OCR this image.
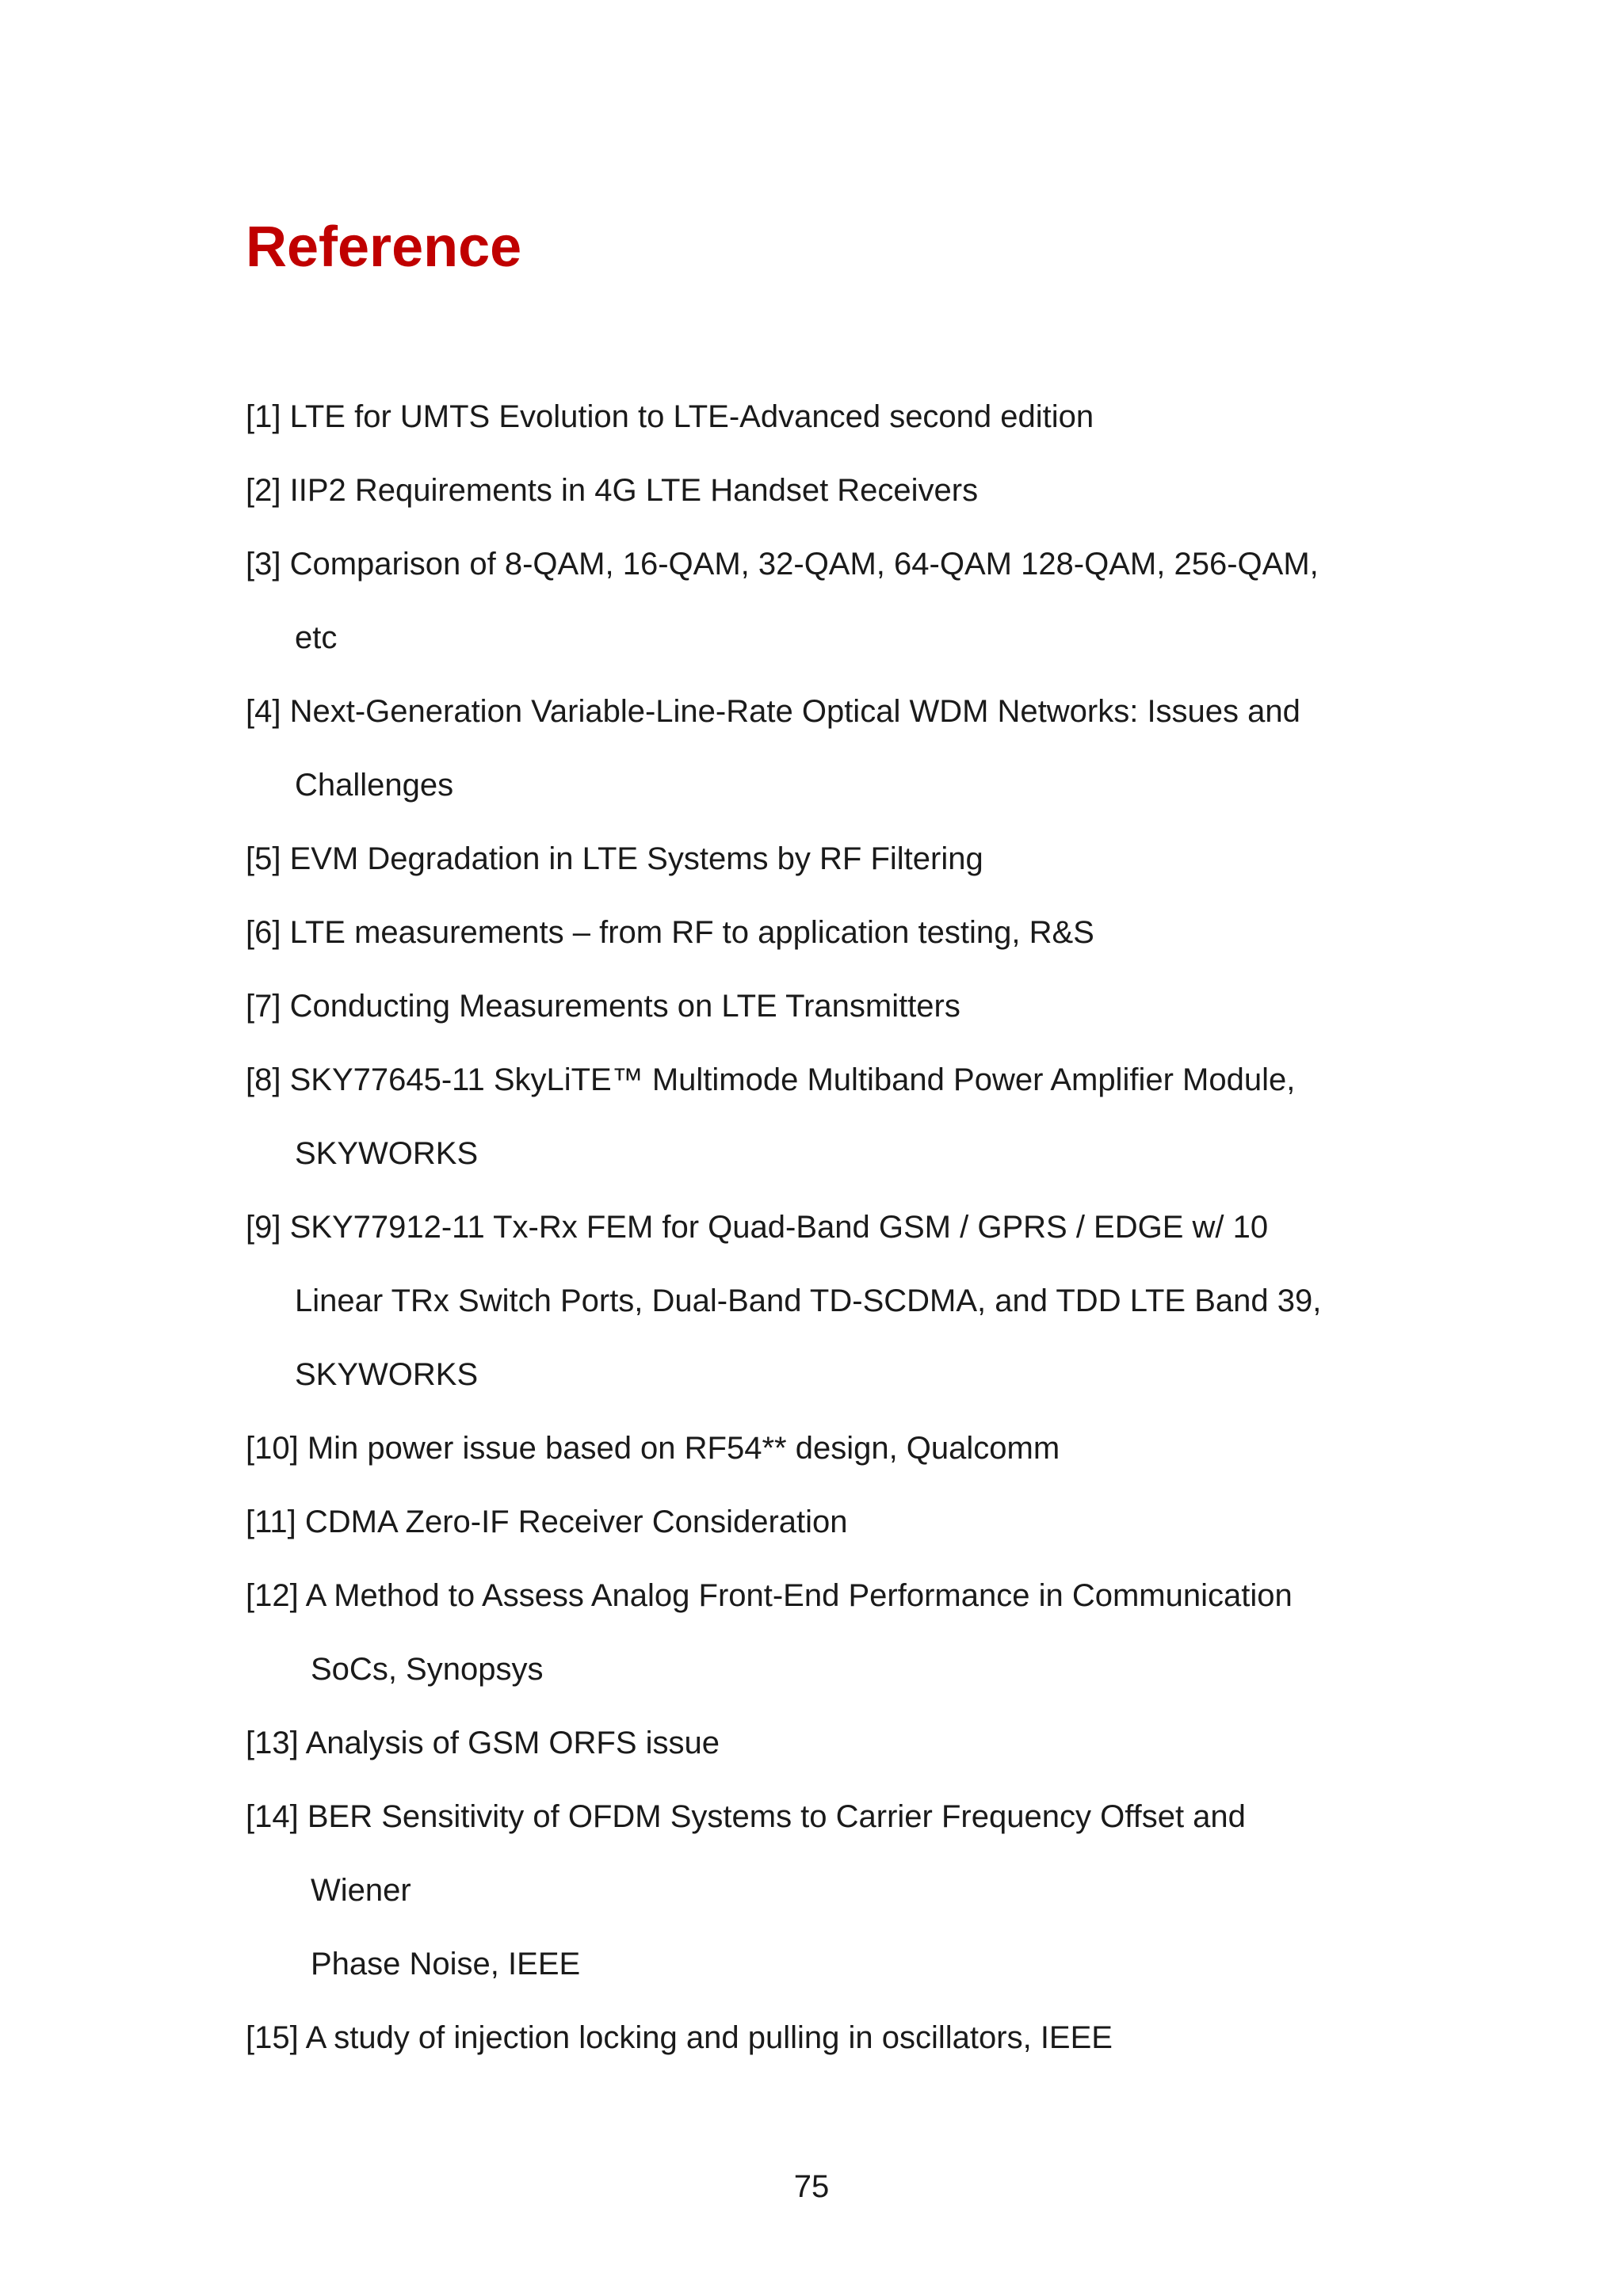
Reference
[1] LTE for UMTS Evolution to LTE-Advanced second edition
[2] IIP2 Requirements in 4G LTE Handset Receivers
[3] Comparison of 8-QAM, 16-QAM, 32-QAM, 64-QAM 128-QAM, 256-QAM,
etc
[4] Next-Generation Variable-Line-Rate Optical WDM Networks: Issues and
Challenges
[5] EVM Degradation in LTE Systems by RF Filtering
[6] LTE measurements – from RF to application testing, R&S
[7] Conducting Measurements on LTE Transmitters
[8] SKY77645-11 SkyLiTE™ Multimode Multiband Power Amplifier Module,
SKYWORKS
[9] SKY77912-11 Tx-Rx FEM for Quad-Band GSM / GPRS / EDGE w/ 10
Linear TRx Switch Ports, Dual-Band TD-SCDMA, and TDD LTE Band 39,
SKYWORKS
[10] Min power issue based on RF54** design, Qualcomm
[11] CDMA Zero-IF Receiver Consideration
[12] A Method to Assess Analog Front-End Performance in Communication
SoCs, Synopsys
[13] Analysis of GSM ORFS issue
[14] BER Sensitivity of OFDM Systems to Carrier Frequency Offset and
Wiener
Phase Noise, IEEE
[15] A study of injection locking and pulling in oscillators, IEEE
75
